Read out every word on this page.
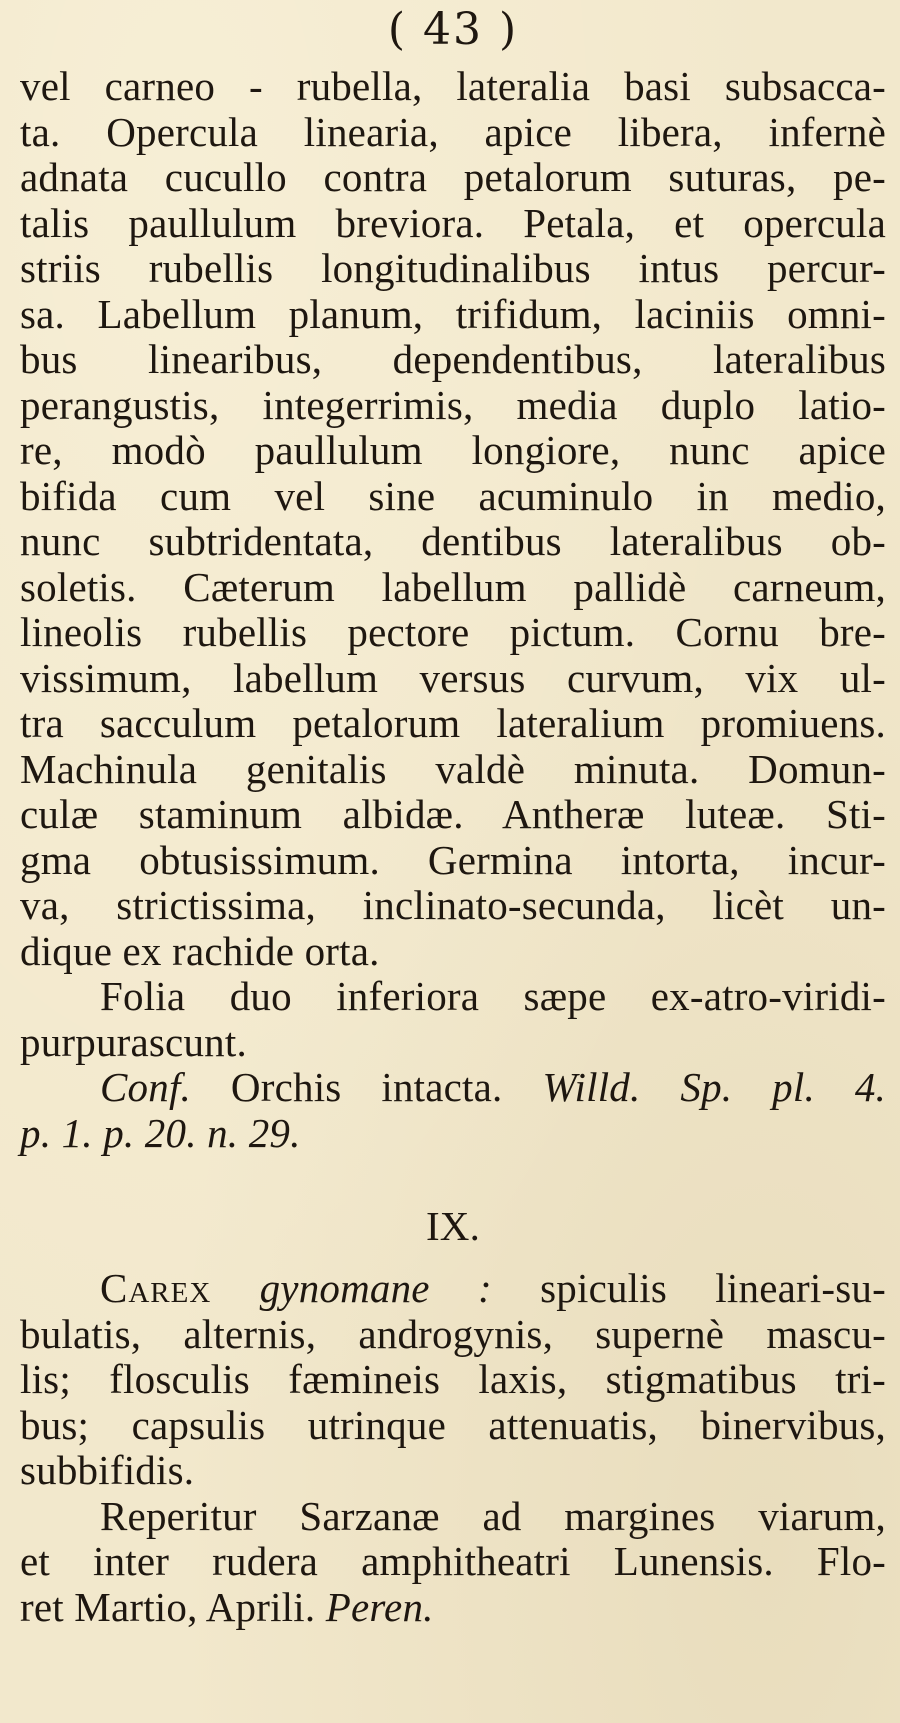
( 43 )
vel carneo - rubella, lateralia basi subsacca-
ta. Opercula linearia, apice libera, infernè
adnata cucullo contra petalorum suturas, pe-
talis paullulum breviora. Petala, et opercula
striis rubellis longitudinalibus intus percur-
sa. Labellum planum, trifidum, laciniis omni-
bus linearibus, dependentibus, lateralibus
perangustis, integerrimis, media duplo latio-
re, modò paullulum longiore, nunc apice
bifida cum vel sine acuminulo in medio,
nunc subtridentata, dentibus lateralibus ob-
soletis. Cæterum labellum pallidè carneum,
lineolis rubellis pectore pictum. Cornu bre-
vissimum, labellum versus curvum, vix ul-
tra sacculum petalorum lateralium promiuens.
Machinula genitalis valdè minuta. Domun-
culæ staminum albidæ. Antheræ luteæ. Sti-
gma obtusissimum. Germina intorta, incur-
va, strictissima, inclinato-secunda, licèt un-
dique ex rachide orta.
Folia duo inferiora sæpe ex-atro-viridi-
purpurascunt.
Conf. Orchis intacta. Willd. Sp. pl. 4.
p. 1. p. 20. n. 29.
IX.
Carex gynomane : spiculis lineari-su-
bulatis, alternis, androgynis, supernè mascu-
lis; flosculis fæmineis laxis, stigmatibus tri-
bus; capsulis utrinque attenuatis, binervibus,
subbifidis.
Reperitur Sarzanæ ad margines viarum,
et inter rudera amphitheatri Lunensis. Flo-
ret Martio, Aprili. Peren.
